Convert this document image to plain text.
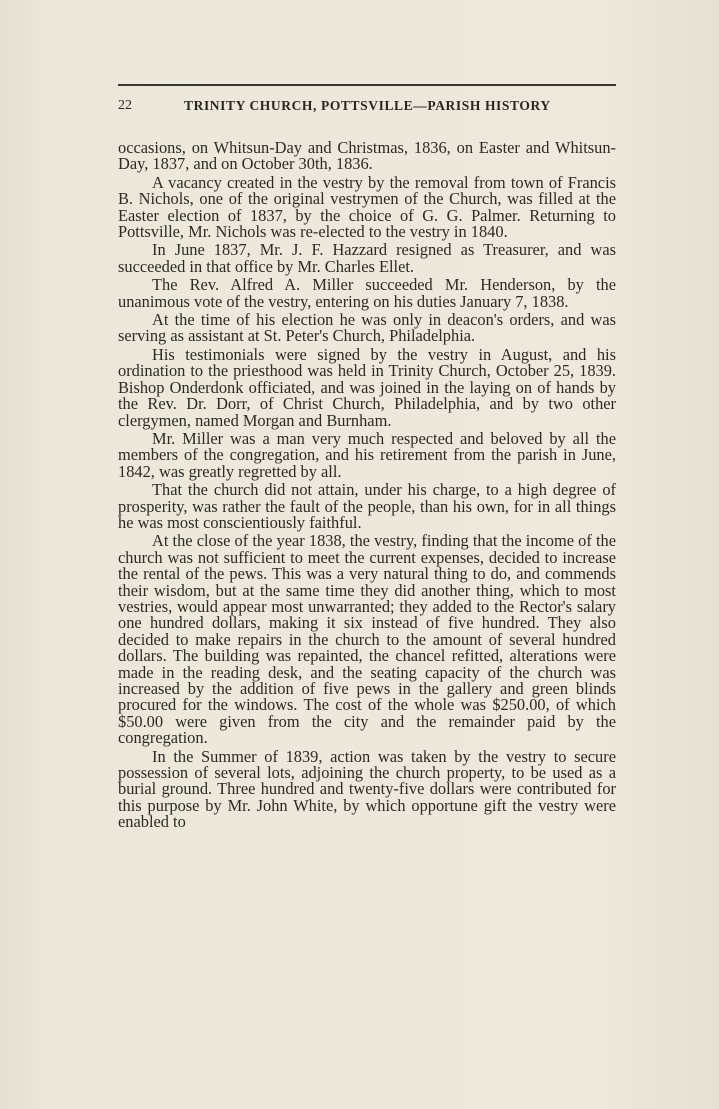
22	TRINITY CHURCH, POTTSVILLE—PARISH HISTORY

occasions, on Whitsun-Day and Christmas, 1836, on Easter and Whitsun-Day, 1837, and on October 30th, 1836.

A vacancy created in the vestry by the removal from town of Francis B. Nichols, one of the original vestrymen of the Church, was filled at the Easter election of 1837, by the choice of G. G. Palmer. Returning to Pottsville, Mr. Nichols was re-elected to the vestry in 1840.

In June 1837, Mr. J. F. Hazzard resigned as Treasurer, and was succeeded in that office by Mr. Charles Ellet.

The Rev. Alfred A. Miller succeeded Mr. Henderson, by the unanimous vote of the vestry, entering on his duties January 7, 1838.

At the time of his election he was only in deacon's orders, and was serving as assistant at St. Peter's Church, Philadelphia.

His testimonials were signed by the vestry in August, and his ordination to the priesthood was held in Trinity Church, October 25, 1839. Bishop Onderdonk officiated, and was joined in the laying on of hands by the Rev. Dr. Dorr, of Christ Church, Philadelphia, and by two other clergymen, named Morgan and Burnham.

Mr. Miller was a man very much respected and beloved by all the members of the congregation, and his retirement from the parish in June, 1842, was greatly regretted by all.

That the church did not attain, under his charge, to a high degree of prosperity, was rather the fault of the people, than his own, for in all things he was most conscientiously faithful.

At the close of the year 1838, the vestry, finding that the income of the church was not sufficient to meet the current expenses, decided to increase the rental of the pews. This was a very natural thing to do, and commends their wisdom, but at the same time they did another thing, which to most vestries, would appear most unwarranted; they added to the Rector's salary one hundred dollars, making it six instead of five hundred. They also decided to make repairs in the church to the amount of several hundred dollars. The building was repainted, the chancel refitted, alterations were made in the reading desk, and the seating capacity of the church was increased by the addition of five pews in the gallery and green blinds procured for the windows. The cost of the whole was $250.00, of which $50.00 were given from the city and the remainder paid by the congregation.

In the Summer of 1839, action was taken by the vestry to secure possession of several lots, adjoining the church property, to be used as a burial ground. Three hundred and twenty-five dollars were contributed for this purpose by Mr. John White, by which opportune gift the vestry were enabled to
